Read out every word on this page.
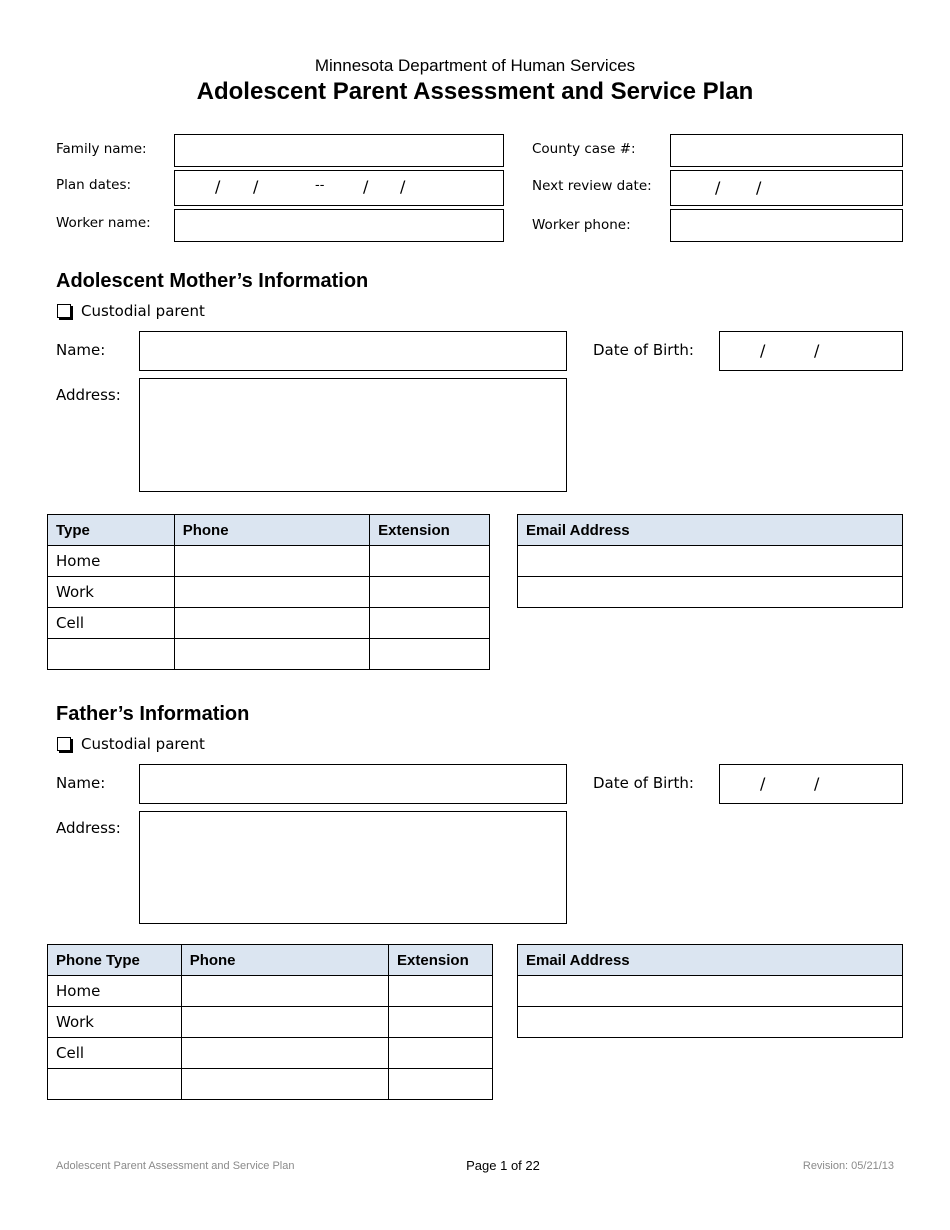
Minnesota Department of Human Services
Adolescent Parent Assessment and Service Plan
Family name:	County case #:
Plan dates:	/ /	-- / /	Next review date:	/ /
Worker name:	Worker phone:
Adolescent Mother’s Information
Custodial parent
Name:	Date of Birth:	/	/
Address:
Type	Phone	Extension
Home		
Work		
Cell		

Email Address

Father’s Information
Custodial parent
Name:	Date of Birth:	/	/
Address:
Phone Type	Phone	Extension
Home		
Work		
Cell		

Email Address

Adolescent Parent Assessment and Service Plan	Page 1 of 22	Revision: 05/21/13
